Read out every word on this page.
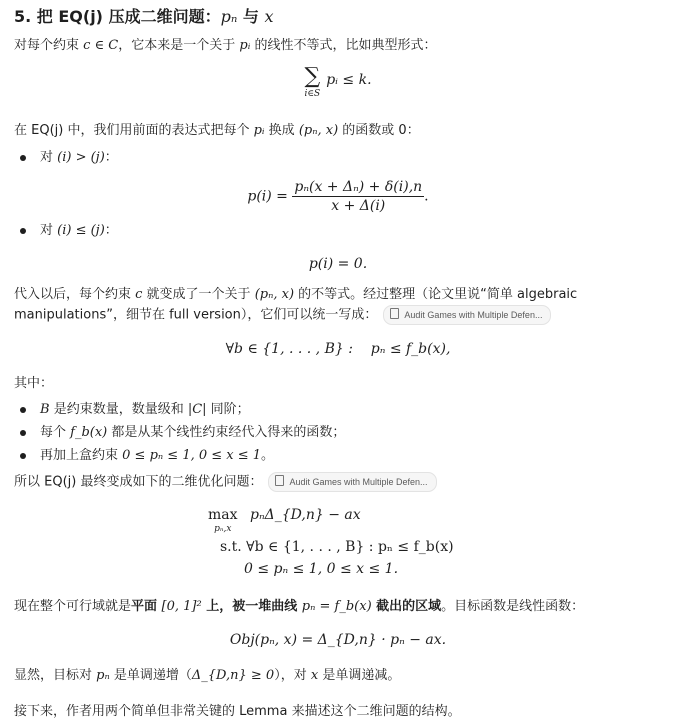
5. 把 EQ(j) 压成二维问题：pₙ 与 x
对每个约束 c ∈ C，它本来是一个关于 pᵢ 的线性不等式，比如典型形式：
∑
i∈S
pᵢ ≤ k.
在 EQ(j) 中，我们用前面的表达式把每个 pᵢ 换成 (pₙ, x) 的函数或 0：
对 (i) > (j)：
$p(i) = \frac{\text{pₙ(x + Δₙ) + δ(i),n}}{x + \Delta(i)}$ .
对 (i) ≤ (j)：
p(i) = 0.
代入以后，每个约束 c 就变成了一个关于 (pₙ, x) 的不等式。经过整理（论文里说“简单 algebraic
manipulations”，细节在 full version），它们可以统一写成：	Audit Games with Multiple Defen...
∀b ∈ {1, . . . , B} :    pₙ ≤ f_b(x),
其中：
B 是约束数量，数量级和 |C| 同阶；
每个 f_b(x) 都是从某个线性约束经代入得来的函数；
再加上盒约束 0 ≤ pₙ ≤ 1, 0 ≤ x ≤ 1。
所以 EQ(j) 最终变成如下的二维优化问题：	Audit Games with Multiple Defen...
max
pₙ,x
pₙΔ_{D,n} − ax
s.t. ∀b ∈ {1, . . . , B} : pₙ ≤ f_b(x)
0 ≤ pₙ ≤ 1, 0 ≤ x ≤ 1.
现在整个可行域就是平面 [0, 1]² 上，被一堆曲线 pₙ = f_b(x) 截出的区域。目标函数是线性函数：
Obj(pₙ, x) = Δ_{D,n} · pₙ − ax.
显然，目标对 pₙ 是单调递增（Δ_{D,n} ≥ 0），对 x 是单调递减。
接下来，作者用两个简单但非常关键的 Lemma 来描述这个二维问题的结构。
